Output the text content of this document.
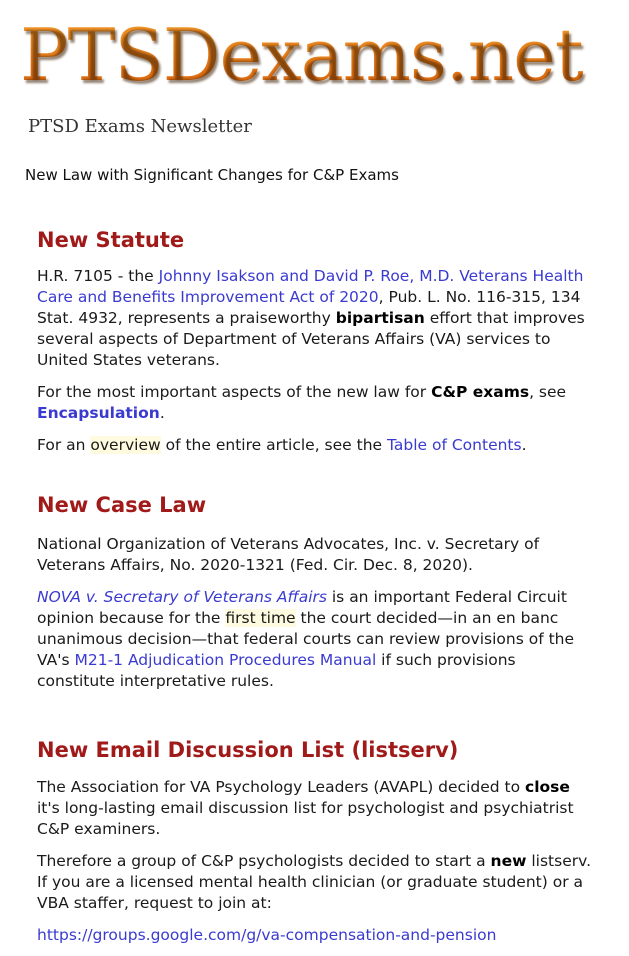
PTSDexams.net
PTSD Exams Newsletter
New Law with Significant Changes for C&P Exams
New Statute

H.R. 7105 - the Johnny Isakson and David P. Roe, M.D. Veterans Health Care and Benefits Improvement Act of 2020, Pub. L. No. 116-315, 134 Stat. 4932, represents a praiseworthy bipartisan effort that improves several aspects of Department of Veterans Affairs (VA) services to United States veterans.

For the most important aspects of the new law for C&P exams, see Encapsulation.

For an overview of the entire article, see the Table of Contents.

New Case Law

National Organization of Veterans Advocates, Inc. v. Secretary of Veterans Affairs, No. 2020-1321 (Fed. Cir. Dec. 8, 2020).

NOVA v. Secretary of Veterans Affairs is an important Federal Circuit opinion because for the first time the court decided—in an en banc unanimous decision—that federal courts can review provisions of the VA's M21-1 Adjudication Procedures Manual if such provisions constitute interpretative rules.

New Email Discussion List (listserv)

The Association for VA Psychology Leaders (AVAPL) decided to close it's long-lasting email discussion list for psychologist and psychiatrist C&P examiners.

Therefore a group of C&P psychologists decided to start a new listserv. If you are a licensed mental health clinician (or graduate student) or a VBA staffer, request to join at:

https://groups.google.com/g/va-compensation-and-pension
